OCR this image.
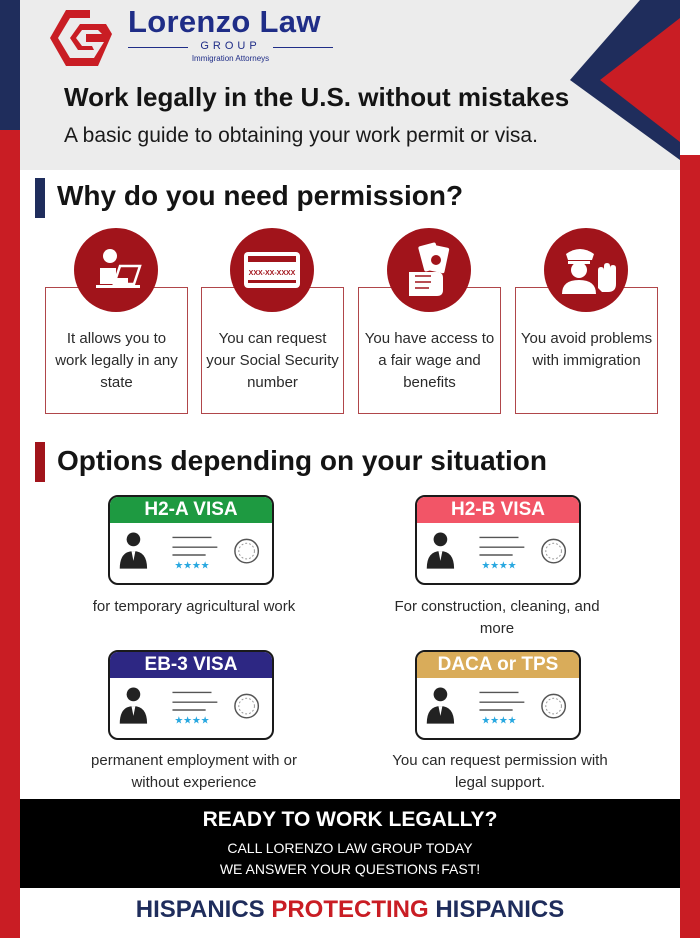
Lorenzo Law
GROUP
Immigration Attorneys
Work legally in the U.S. without mistakes
A basic guide to obtaining your work permit or visa.
Why do you need permission?
It allows you to work legally in any state
You can request your Social Security number
You have access to a fair wage and benefits
You avoid problems with immigration
XXX-XX-XXXX
Options depending on your situation
H2-A VISA
★★★★
for temporary agricultural work
H2-B VISA
★★★★
For construction, cleaning, and more
EB-3 VISA
★★★★
permanent employment with or without experience
DACA or TPS
★★★★
You can request permission with legal support.
READY TO WORK LEGALLY?
CALL LORENZO LAW GROUP TODAY
WE ANSWER YOUR QUESTIONS FAST!
HISPANICS PROTECTING HISPANICS
